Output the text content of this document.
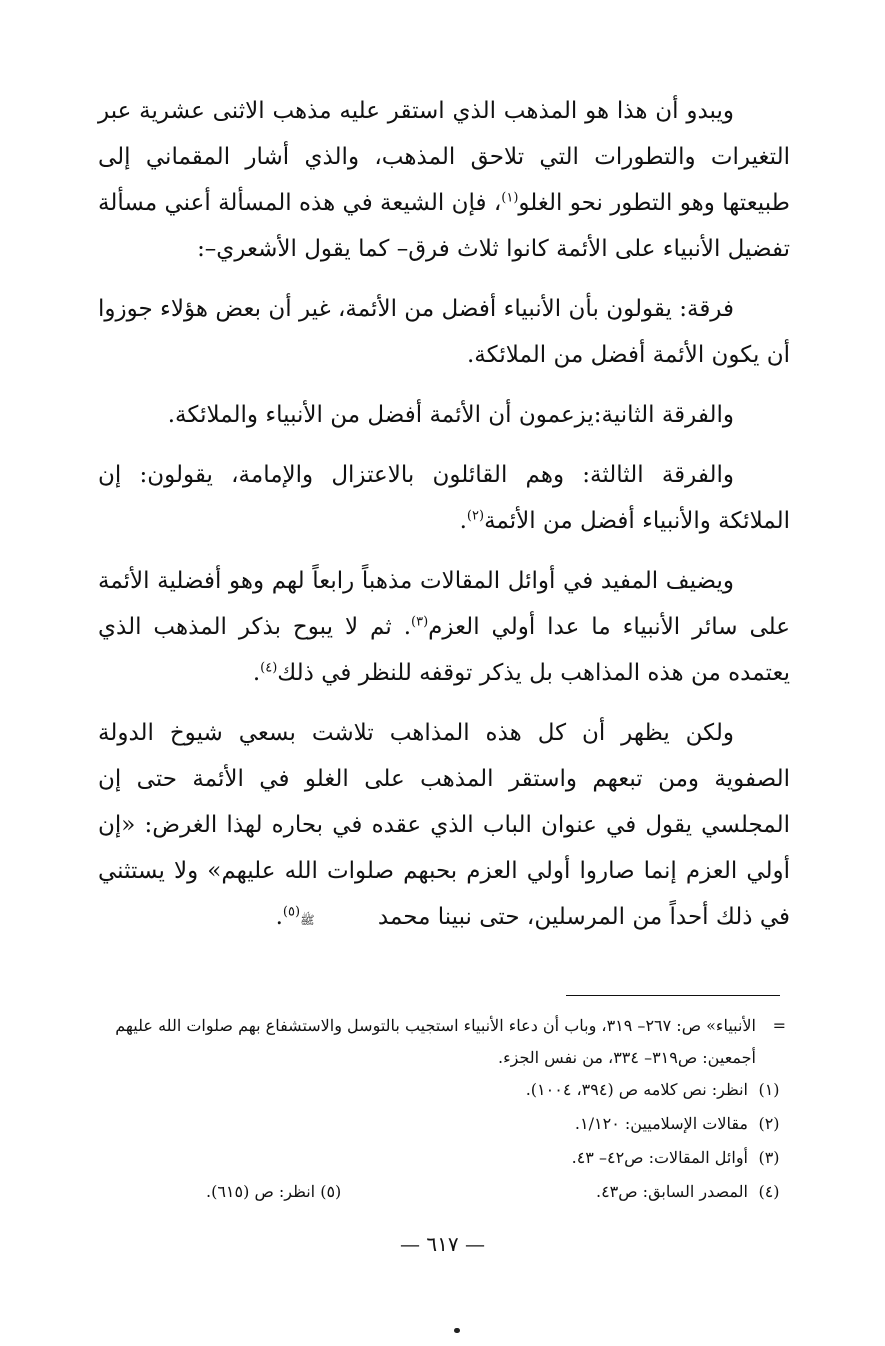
ويبدو أن هذا هو المذهب الذي استقر عليه مذهب الاثنى عشرية عبر التغيرات والتطورات التي تلاحق المذهب، والذي أشار المقماني إلى طبيعتها وهو التطور نحو الغلو$^{(١)}$، فإن الشيعة في هذه المسألة أعني مسألة تفضيل الأنبياء على الأئمة كانوا ثلاث فرق– كما يقول الأشعري–:

فرقة: يقولون بأن الأنبياء أفضل من الأئمة، غير أن بعض هؤلاء جوزوا أن يكون الأئمة أفضل من الملائكة.

والفرقة الثانية:يزعمون أن الأئمة أفضل من الأنبياء والملائكة.

والفرقة الثالثة: وهم القائلون بالاعتزال والإمامة، يقولون: إن الملائكة والأنبياء أفضل من الأئمة$^{(٢)}$.

ويضيف المفيد في أوائل المقالات مذهباً رابعاً لهم وهو أفضلية الأئمة على سائر الأنبياء ما عدا أولي العزم$^{(٣)}$. ثم لا يبوح بذكر المذهب الذي يعتمده من هذه المذاهب بل يذكر توقفه للنظر في ذلك$^{(٤)}$.

ولكن يظهر أن كل هذه المذاهب تلاشت بسعي شيوخ الدولة الصفوية ومن تبعهم واستقر المذهب على الغلو في الأئمة حتى إن المجلسي يقول في عنوان الباب الذي عقده في بحاره لهذا الغرض: «إن أولي العزم إنما صاروا أولي العزم بحبهم صلوات الله عليهم» ولا يستثني في ذلك أحداً من المرسلين، حتى نبينا محمد ﷺ$^{(٥)}$.

=
الأنبياء» ص: ٢٦٧– ٣١٩، وباب أن دعاء الأنبياء استجيب بالتوسل والاستشفاع بهم صلوات الله عليهم أجمعين: ص٣١٩– ٣٣٤، من نفس الجزء.
(١)
انظر: نص كلامه ص (٣٩٤، ١٠٠٤).
(٢)
مقالات الإسلاميين: ١/١٢٠.
(٣)
أوائل المقالات: ص٤٢– ٤٣.
(٤)
المصدر السابق: ص٤٣.
(٥) انظر: ص (٦١٥).
— ٦١٧ —
